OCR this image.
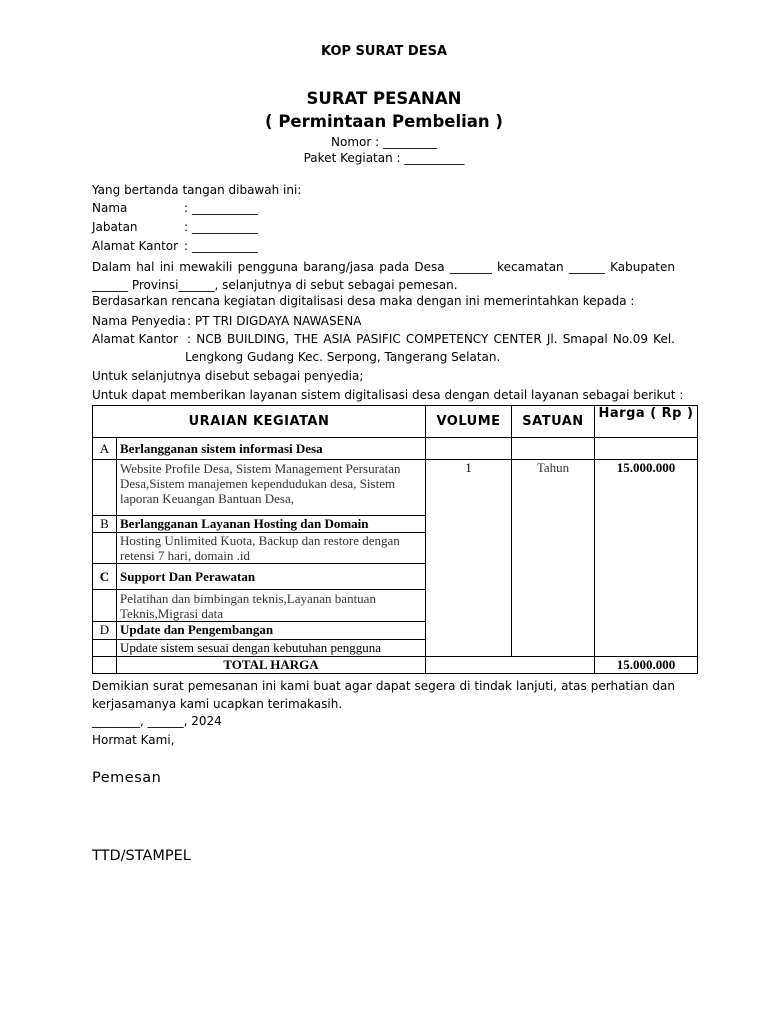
KOP SURAT DESA
SURAT PESANAN
( Permintaan Pembelian )
Nomor : _________
Paket Kegiatan : __________
Yang bertanda tangan dibawah ini:
Nama	: ___________
Jabatan	: ___________
Alamat Kantor : ___________
Dalam hal ini mewakili pengguna barang/jasa pada Desa _______ kecamatan ______ Kabupaten ______ Provinsi______, selanjutnya di sebut sebagai pemesan.
Berdasarkan rencana kegiatan digitalisasi desa maka dengan ini memerintahkan kepada :
Nama Penyedia : PT TRI DIGDAYA NAWASENA
Alamat Kantor : NCB BUILDING, THE ASIA PASIFIC COMPETENCY CENTER Jl. Smapal No.09 Kel.
Lengkong Gudang Kec. Serpong, Tangerang Selatan.
Untuk selanjutnya disebut sebagai penyedia;
Untuk dapat memberikan layanan sistem digitalisasi desa dengan detail layanan sebagai berikut :
URAIAN KEGIATAN		VOLUME	SATUAN	Harga ( Rp )
A	Berlangganan sistem informasi Desa			
	Website Profile Desa, Sistem Management Persuratan Desa,Sistem manajemen kependudukan desa, Sistem laporan Keuangan Bantuan Desa,	1	Tahun	15.000.000
B	Berlangganan Layanan Hosting dan Domain			
	Hosting Unlimited Kuota, Backup dan restore dengan retensi 7 hari, domain .id			
C	Support Dan Perawatan			
	Pelatihan dan bimbingan teknis,Layanan bantuan Teknis,Migrasi data			
D	Update dan Pengembangan			
	Update sistem sesuai dengan kebutuhan pengguna			
	TOTAL HARGA			15.000.000
Demikian surat pemesanan ini kami buat agar dapat segera di tindak lanjuti, atas perhatian dan kerjasamanya kami ucapkan terimakasih.
________, ______, 2024
Hormat Kami,
Pemesan
TTD/STAMPEL
